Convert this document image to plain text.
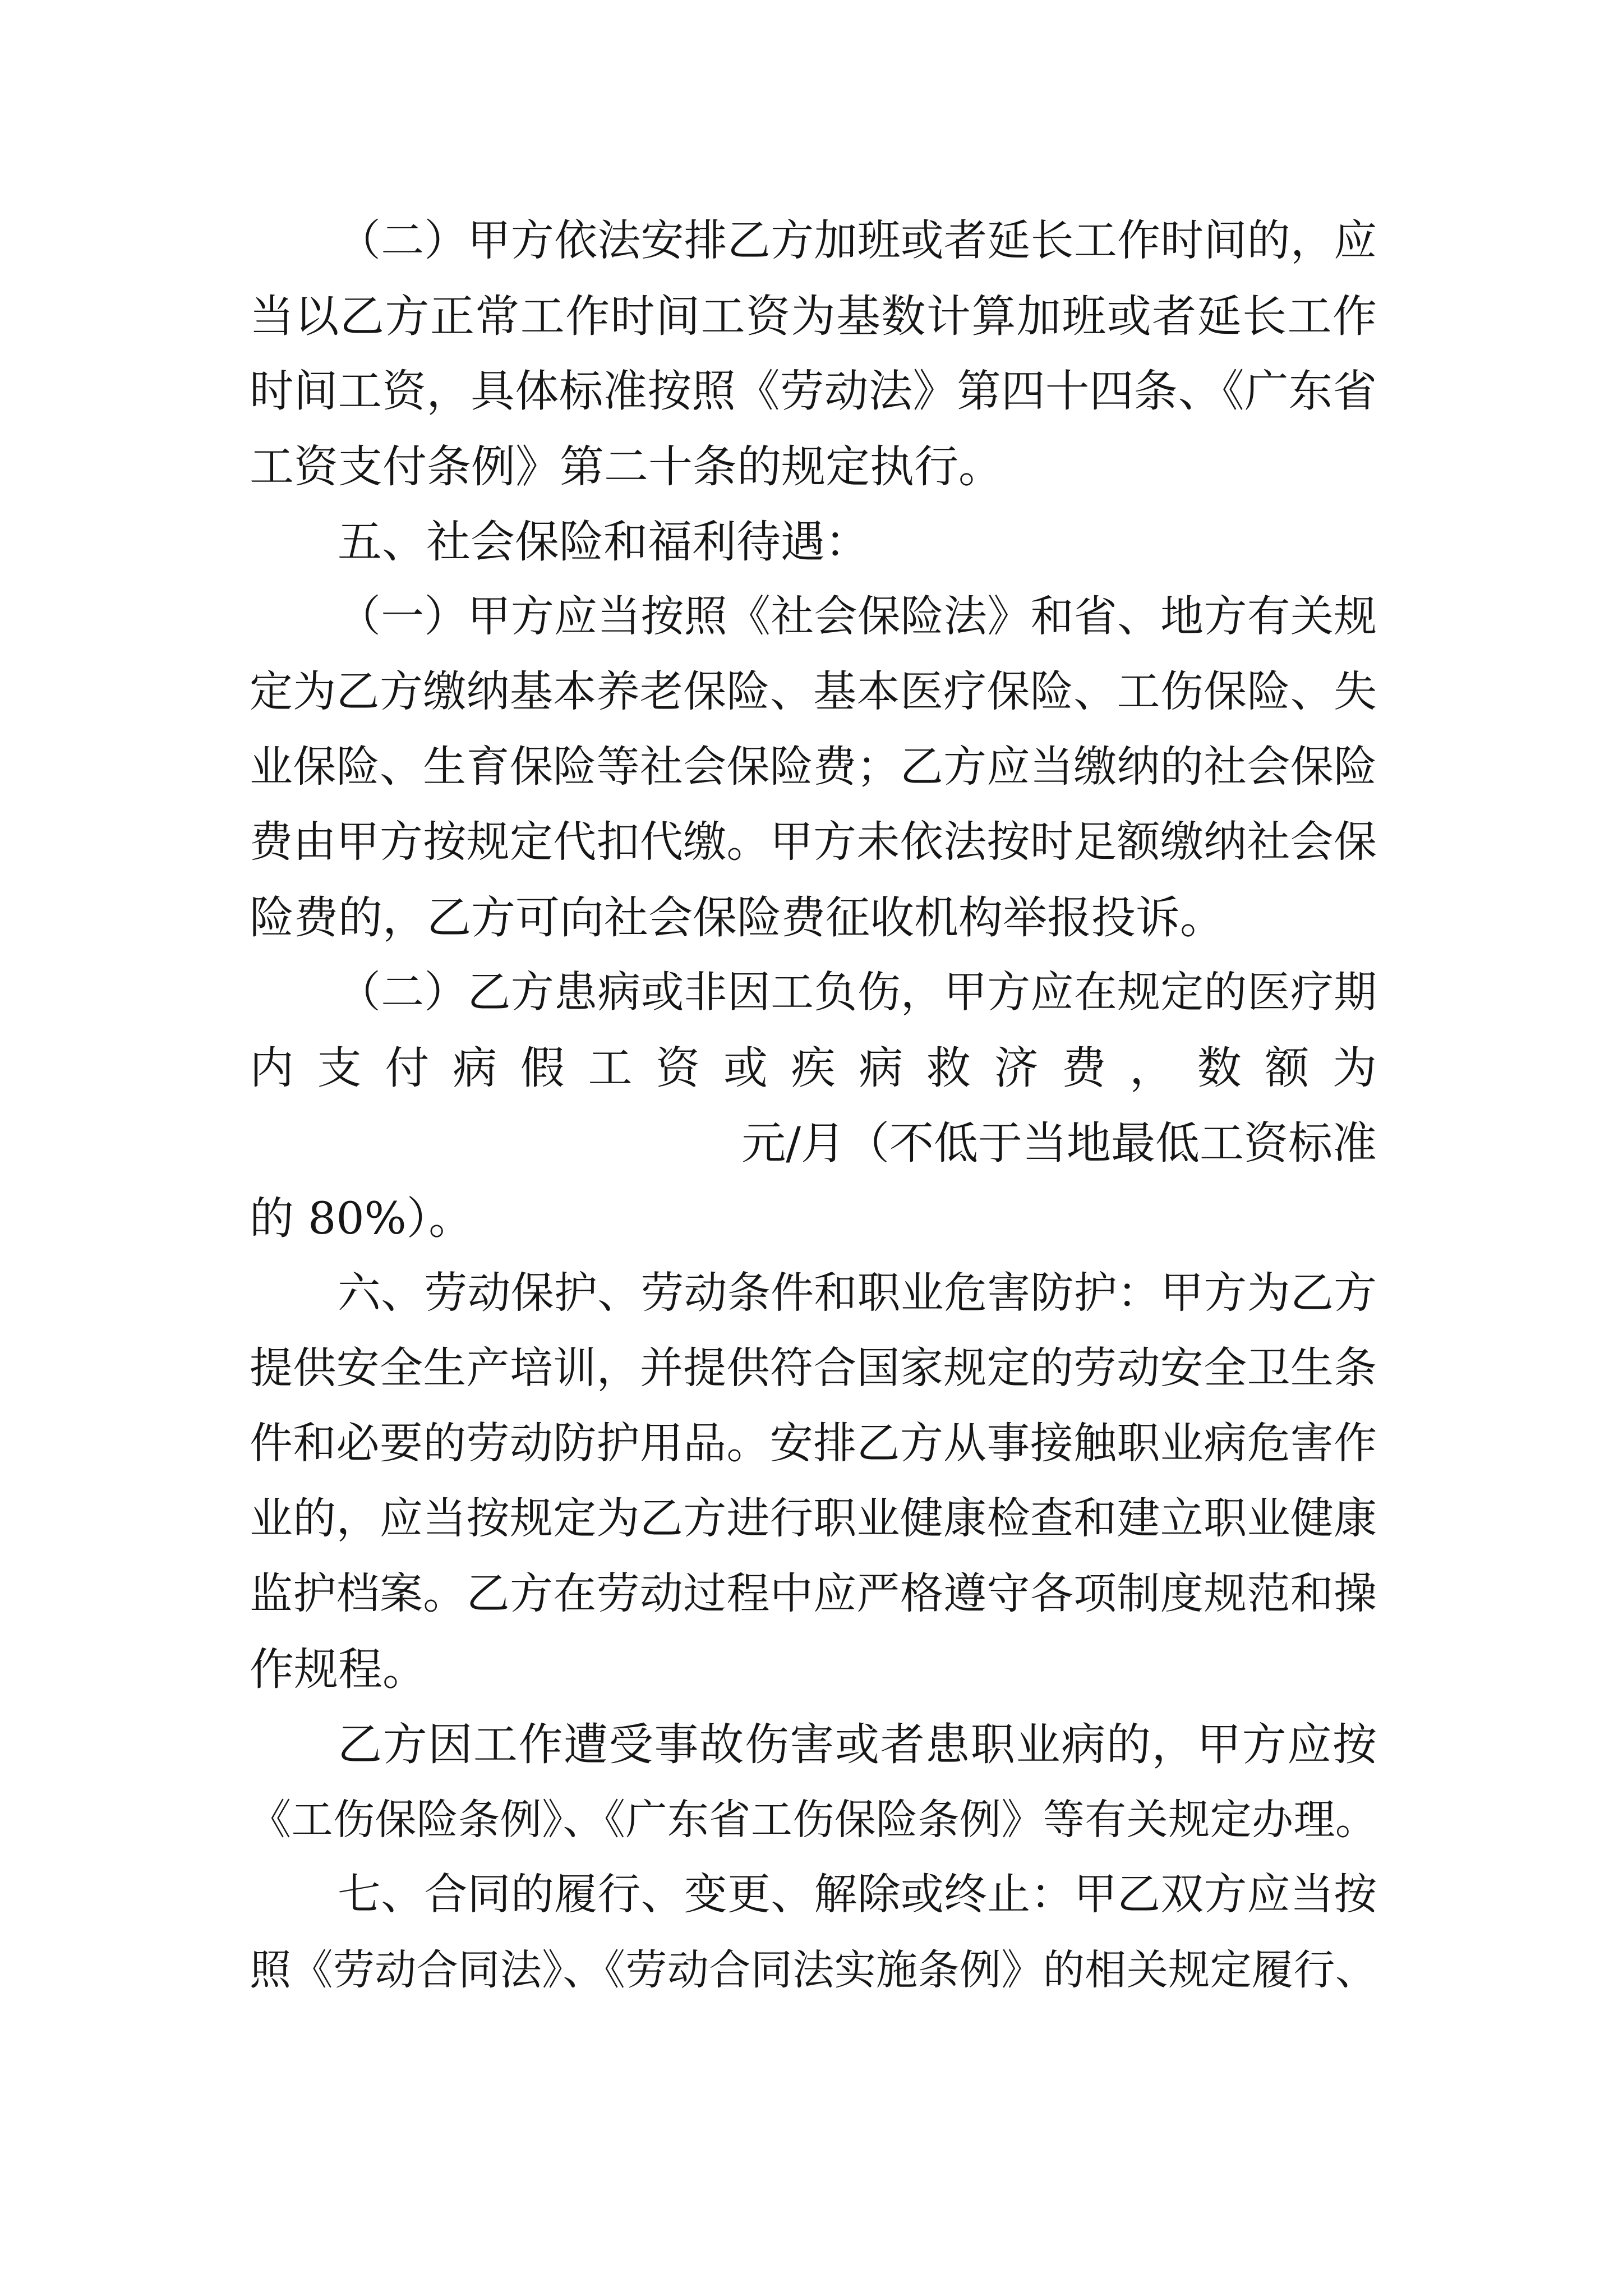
（二）甲方依法安排乙方加班或者延长工作时间的，应
当以乙方正常工作时间工资为基数计算加班或者延长工作
时间工资，具体标准按照《劳动法》第四十四条、《广东省
工资支付条例》第二十条的规定执行。
五、社会保险和福利待遇：
（一）甲方应当按照《社会保险法》和省、地方有关规
定为乙方缴纳基本养老保险、基本医疗保险、工伤保险、失
业保险、生育保险等社会保险费；乙方应当缴纳的社会保险
费由甲方按规定代扣代缴。甲方未依法按时足额缴纳社会保
险费的，乙方可向社会保险费征收机构举报投诉。
（二）乙方患病或非因工负伤，甲方应在规定的医疗期
内支付病假工资或疾病救济费，数额为
元/月（不低于当地最低工资标准
的 80%）。
六、劳动保护、劳动条件和职业危害防护：甲方为乙方
提供安全生产培训，并提供符合国家规定的劳动安全卫生条
件和必要的劳动防护用品。安排乙方从事接触职业病危害作
业的，应当按规定为乙方进行职业健康检查和建立职业健康
监护档案。乙方在劳动过程中应严格遵守各项制度规范和操
作规程。
乙方因工作遭受事故伤害或者患职业病的，甲方应按
《工伤保险条例》、《广东省工伤保险条例》等有关规定办理。
七、合同的履行、变更、解除或终止：甲乙双方应当按
照《劳动合同法》、《劳动合同法实施条例》的相关规定履行、
